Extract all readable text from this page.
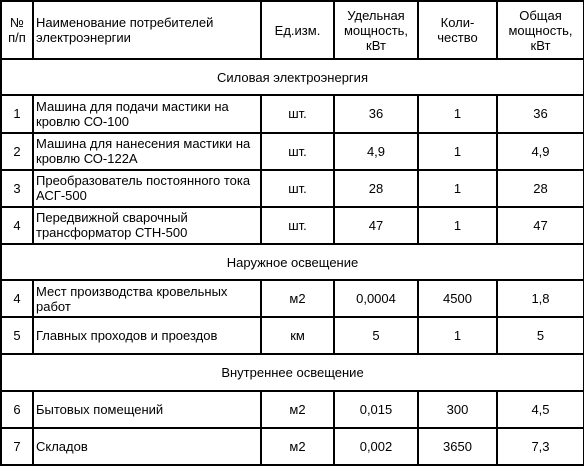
№ п/п	Наименование потребителей электроэнергии	Ед.изм.	Удельная мощность, кВт	Коли-чество	Общая мощность, кВт
Силовая электроэнергия					
1	Машина для подачи мастики на кровлю СО-100	шт.	36	1	36
2	Машина для нанесения мастики на кровлю СО-122А	шт.	4,9	1	4,9
3	Преобразователь постоянного тока АСГ-500	шт.	28	1	28
4	Передвижной сварочный трансформатор СТН-500	шт.	47	1	47
Наружное освещение					
4	Мест производства кровельных работ	м2	0,0004	4500	1,8
5	Главных проходов и проездов	км	5	1	5
Внутреннее освещение					
6	Бытовых помещений	м2	0,015	300	4,5
7	Складов	м2	0,002	3650	7,3
